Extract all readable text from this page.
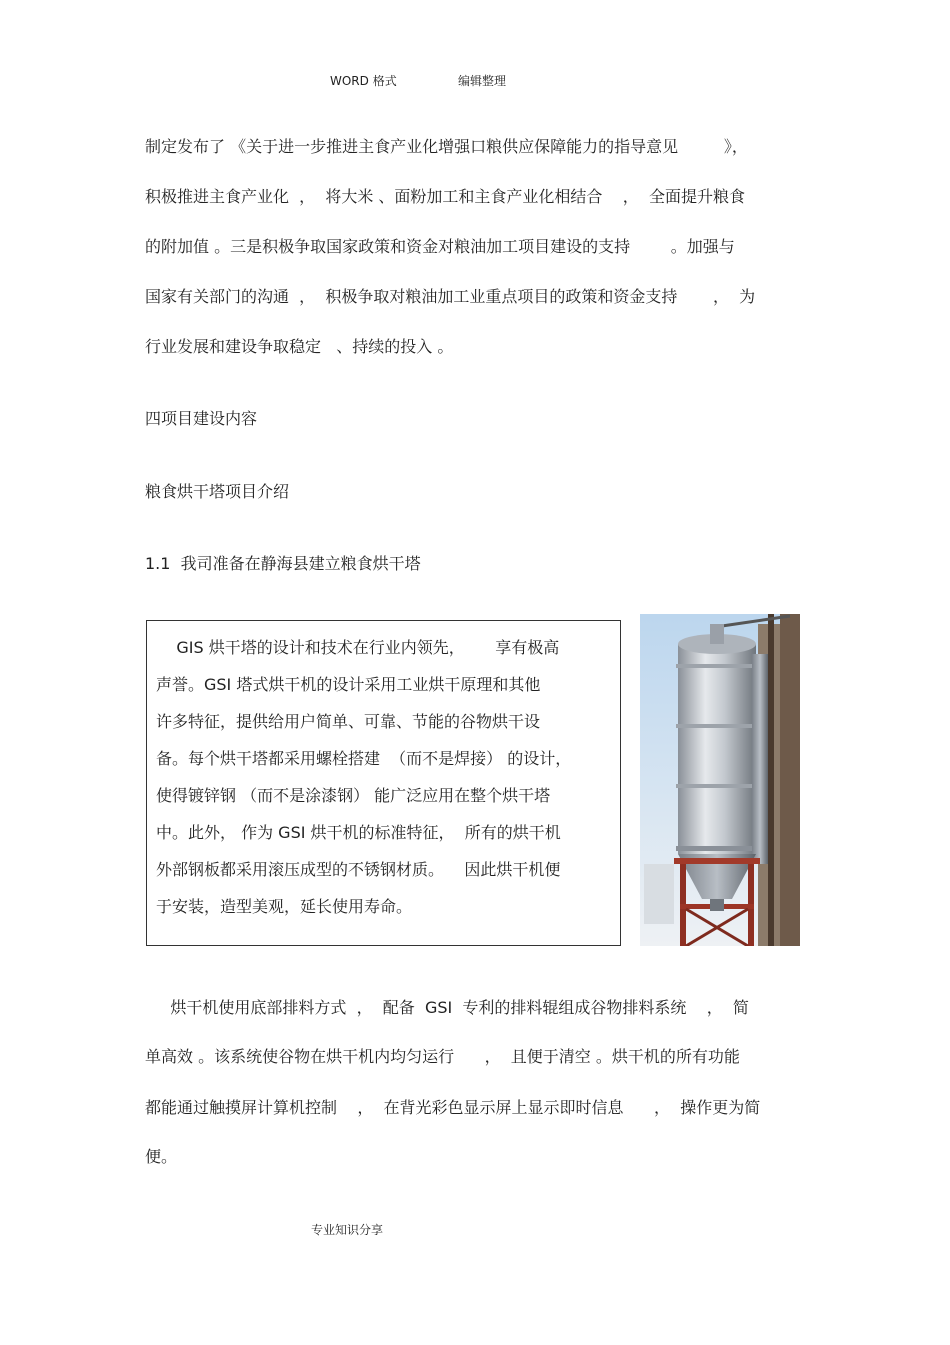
WORD 格式	编辑整理
制定发布了 《关于进一步推进主食产业化增强口粮供应保障能力的指导意见         》，
积极推进主食产业化  ，  将大米 、面粉加工和主食产业化相结合    ，  全面提升粮食
的附加值 。三是积极争取国家政策和资金对粮油加工项目建设的支持        。加强与
国家有关部门的沟通  ，  积极争取对粮油加工业重点项目的政策和资金支持       ，  为
行业发展和建设争取稳定   、持续的投入 。
四项目建设内容
粮食烘干塔项目介绍
1.1  我司准备在静海县建立粮食烘干塔
GIS 烘干塔的设计和技术在行业内领先，      享有极高
声誉。GSI 塔式烘干机的设计采用工业烘干原理和其他
许多特征，提供给用户简单、可靠、节能的谷物烘干设
备。每个烘干塔都采用螺栓搭建  （而不是焊接） 的设计，
使得镀锌钢 （而不是涂漆钢） 能广泛应用在整个烘干塔
中。此外， 作为 GSI 烘干机的标准特征，  所有的烘干机
外部钢板都采用滚压成型的不锈钢材质。    因此烘干机便
于安装，造型美观，延长使用寿命。
烘干机使用底部排料方式  ，  配备  GSI  专利的排料辊组成谷物排料系统    ，  简
单高效 。该系统使谷物在烘干机内均匀运行      ，  且便于清空 。烘干机的所有功能
都能通过触摸屏计算机控制    ，  在背光彩色显示屏上显示即时信息      ，  操作更为简
便。
专业知识分享
